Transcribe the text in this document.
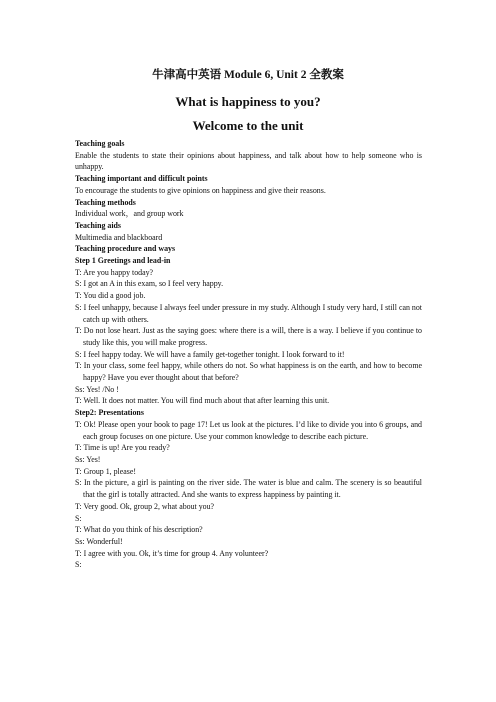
牛津高中英语 Module 6, Unit 2 全教案
What is happiness to you?
Welcome to the unit

Teaching goals

Enable the students to state their opinions about happiness, and talk about how to help someone who is unhappy.

Teaching important and difficult points

To encourage the students to give opinions on happiness and give their reasons.

Teaching methods

Individual work，and group work

Teaching aids

Multimedia and blackboard

Teaching procedure and ways

Step 1 Greetings and lead-in

T: Are you happy today?

S: I got an A in this exam, so I feel very happy.

T: You did a good job.

S: I feel unhappy, because I always feel under pressure in my study. Although I study very hard, I still can not catch up with others.

T: Do not lose heart. Just as the saying goes: where there is a will, there is a way. I believe if you continue to study like this, you will make progress.

S: I feel happy today. We will have a family get-together tonight. I look forward to it!

T: In your class, some feel happy, while others do not. So what happiness is on the earth, and how to become happy? Have you ever thought about that before?

Ss: Yes! /No !

T: Well. It does not matter. You will find much about that after learning this unit.

Step2: Presentations

T: Ok! Please open your book to page 17! Let us look at the pictures. I’d like to divide you into 6 groups, and each group focuses on one picture. Use your common knowledge to describe each picture.

T: Time is up! Are you ready?

Ss: Yes!

T: Group 1, please!

S: In the picture, a girl is painting on the river side. The water is blue and calm. The scenery is so beautiful that the girl is totally attracted. And she wants to express happiness by painting it.

T: Very good. Ok, group 2, what about you?

S:

T: What do you think of his description?

Ss: Wonderful!

T: I agree with you. Ok, it’s time for group 4. Any volunteer?

S:
